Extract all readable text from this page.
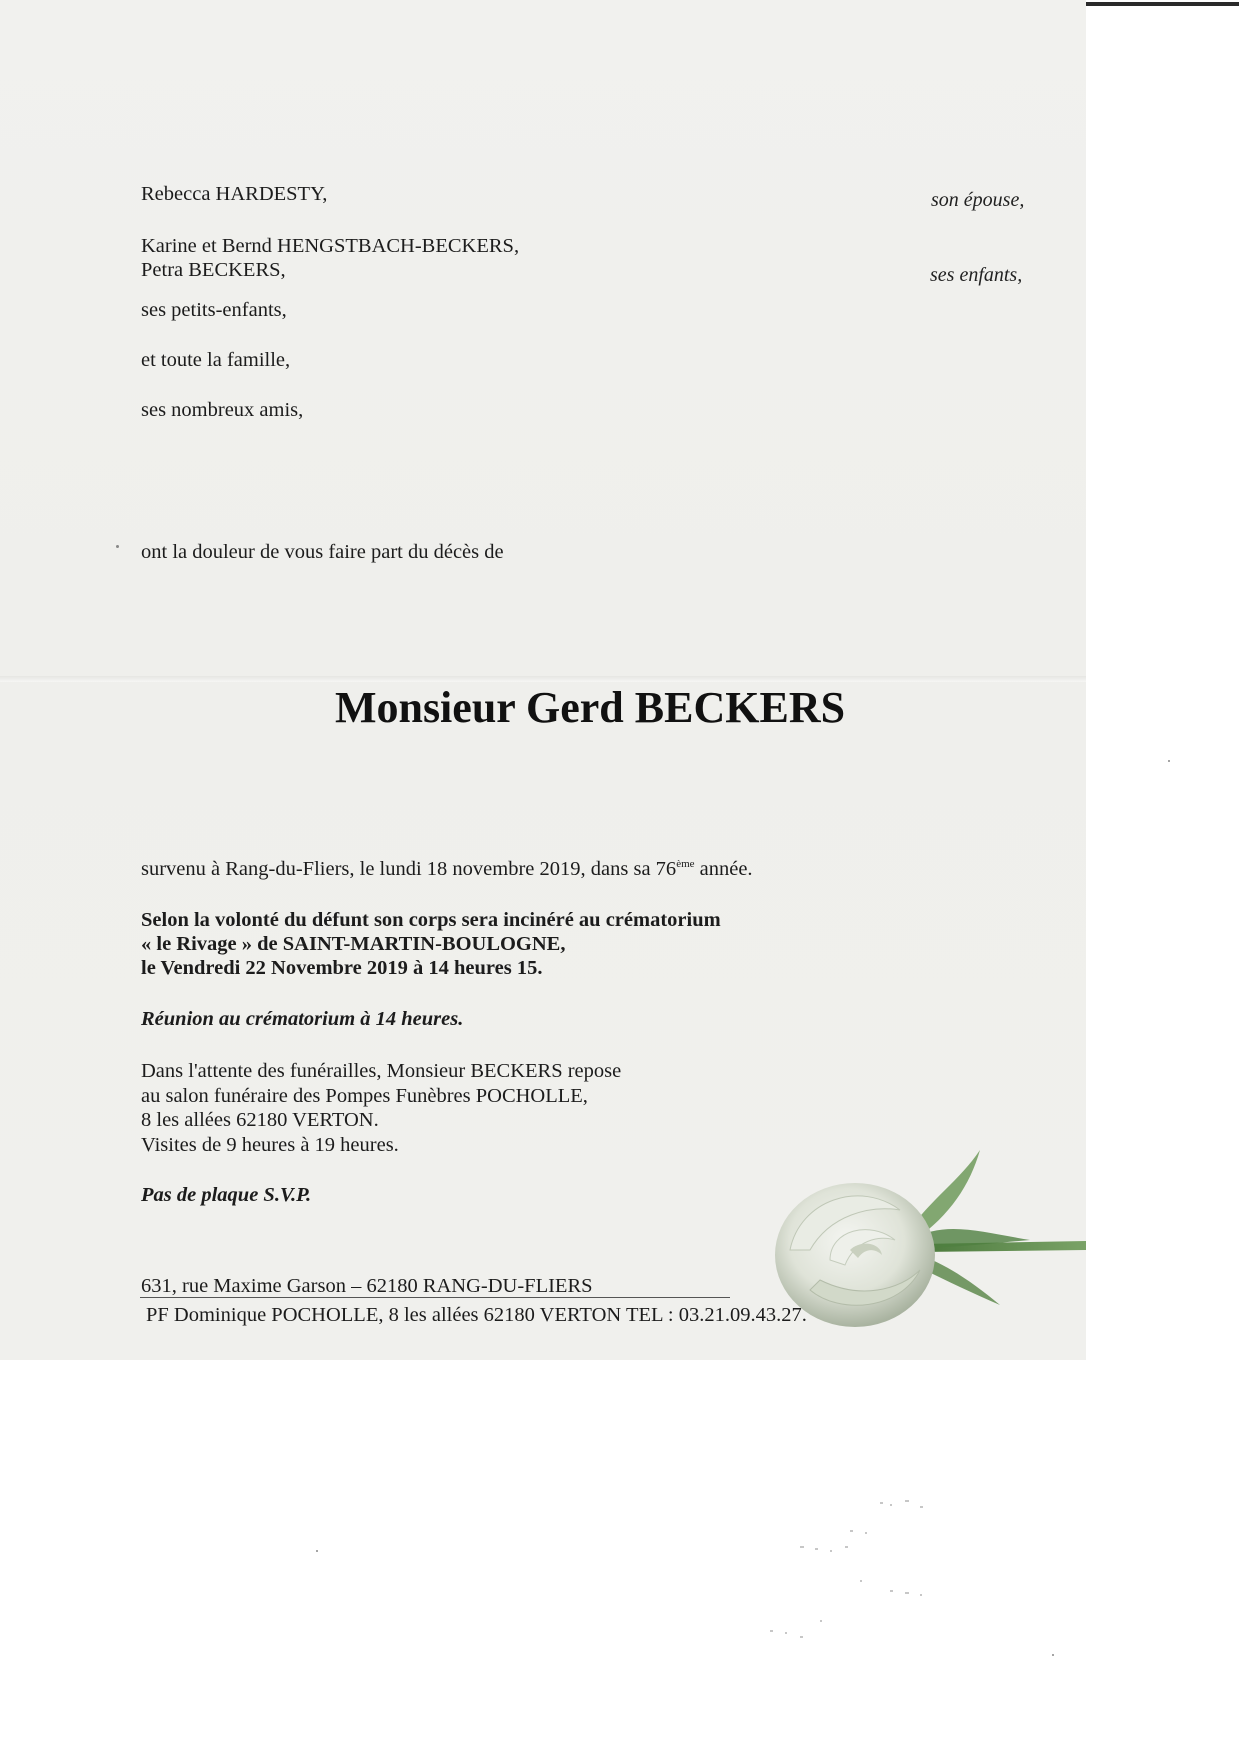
Rebecca HARDESTY,	son épouse,
Karine et Bernd HENGSTBACH-BECKERS,
Petra BECKERS,	ses enfants,
ses petits-enfants,
et toute la famille,
ses nombreux amis,
ont la douleur de vous faire part du décès de
Monsieur Gerd BECKERS
survenu à Rang-du-Fliers, le lundi 18 novembre 2019, dans sa 76ème année.
Selon la volonté du défunt son corps sera incinéré au crématorium
« le Rivage » de SAINT-MARTIN-BOULOGNE,
le Vendredi 22 Novembre 2019 à 14 heures 15.
Réunion au crématorium à 14 heures.
Dans l'attente des funérailles, Monsieur BECKERS repose
au salon funéraire des Pompes Funèbres POCHOLLE,
8 les allées 62180 VERTON.
Visites de 9 heures à 19 heures.
Pas de plaque S.V.P.
631, rue Maxime Garson – 62180 RANG-DU-FLIERS
PF Dominique POCHOLLE, 8 les allées 62180 VERTON TEL : 03.21.09.43.27.
